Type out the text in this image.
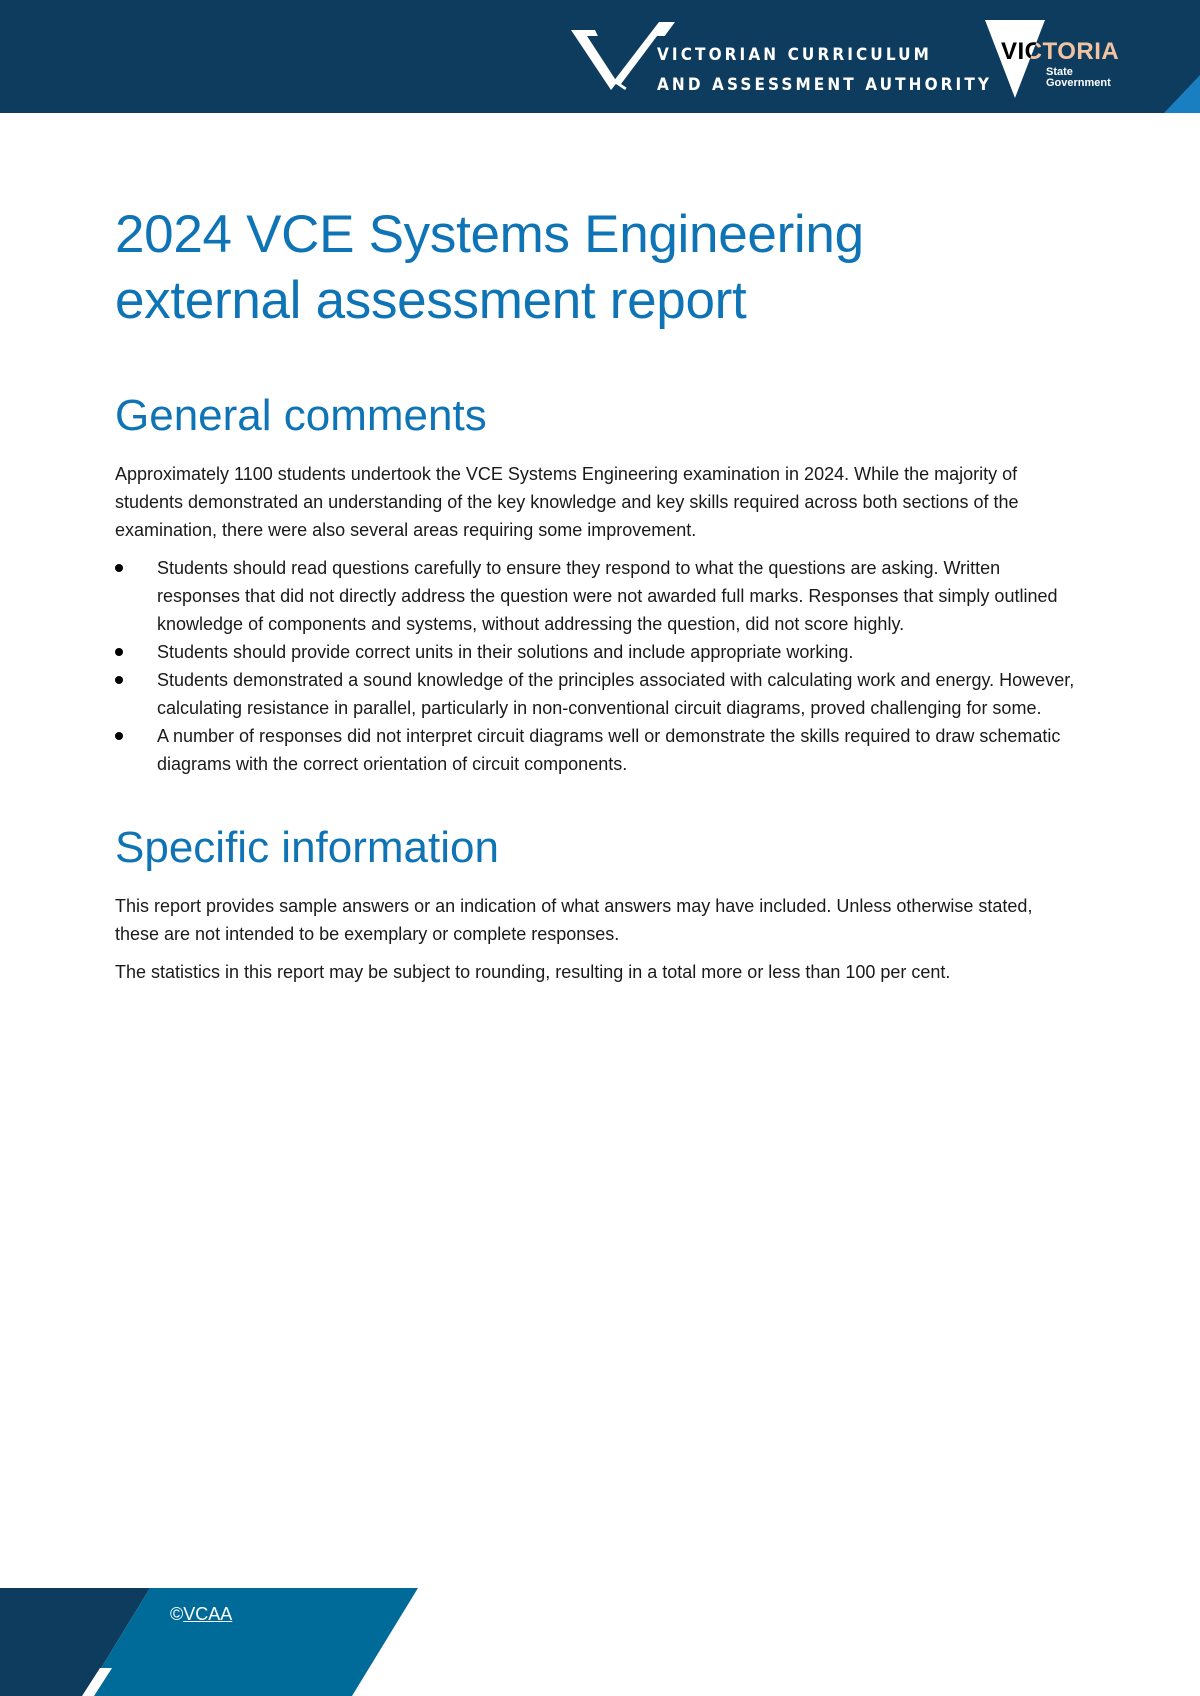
VICTORIAN CURRICULUM
AND ASSESSMENT AUTHORITY
VICTORIA
State
Government
2024 VCE Systems Engineering
external assessment report
General comments

Approximately 1100 students undertook the VCE Systems Engineering examination in 2024. While the majority of students demonstrated an understanding of the key knowledge and key skills required across both sections of the examination, there were also several areas requiring some improvement.

Students should read questions carefully to ensure they respond to what the questions are asking. Written responses that did not directly address the question were not awarded full marks. Responses that simply outlined knowledge of components and systems, without addressing the question, did not score highly.
Students should provide correct units in their solutions and include appropriate working.
Students demonstrated a sound knowledge of the principles associated with calculating work and energy. However, calculating resistance in parallel, particularly in non-conventional circuit diagrams, proved challenging for some.
A number of responses did not interpret circuit diagrams well or demonstrate the skills required to draw schematic diagrams with the correct orientation of circuit components.
Specific information

This report provides sample answers or an indication of what answers may have included. Unless otherwise stated, these are not intended to be exemplary or complete responses.

The statistics in this report may be subject to rounding, resulting in a total more or less than 100 per cent.

©VCAA
